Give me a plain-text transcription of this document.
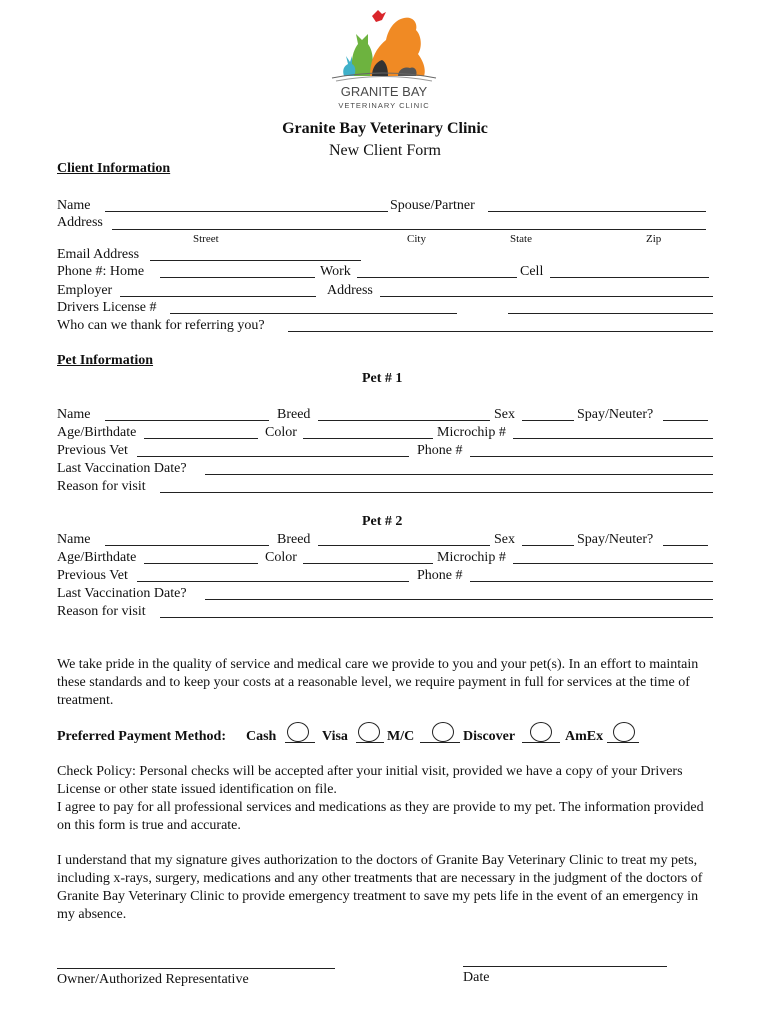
GRANITE BAY
VETERINARY CLINIC
Granite Bay Veterinary Clinic
New Client Form
Client Information
Name	Spouse/Partner
Address
Street	City	State	Zip
Email Address
Phone #: Home	Work	Cell
Employer	Address
Drivers License #
Who can we thank for referring you?
Pet Information
Pet # 1
Name	Breed	Sex	Spay/Neuter?
Age/Birthdate	Color	Microchip #
Previous Vet	Phone #
Last Vaccination Date?
Reason for visit
Pet # 2
Name	Breed	Sex	Spay/Neuter?
Age/Birthdate	Color	Microchip #
Previous Vet	Phone #
Last Vaccination Date?
Reason for visit
We take pride in the quality of service and medical care we provide to you and your pet(s). In an effort to maintain these standards and to keep your costs at a reasonable level, we require payment in full for services at the time of treatment.
Preferred Payment Method: Cash	Visa	M/C	Discover	AmEx
Check Policy: Personal checks will be accepted after your initial visit, provided we have a copy of your Drivers License or other state issued identification on file.
I agree to pay for all professional services and medications as they are provide to my pet. The information provided on this form is true and accurate.
I understand that my signature gives authorization to the doctors of Granite Bay Veterinary Clinic to treat my pets, including x-rays, surgery, medications and any other treatments that are necessary in the judgment of the doctors of Granite Bay Veterinary Clinic to provide emergency treatment to save my pets life in the event of an emergency in my absence.
Owner/Authorized Representative	Date
